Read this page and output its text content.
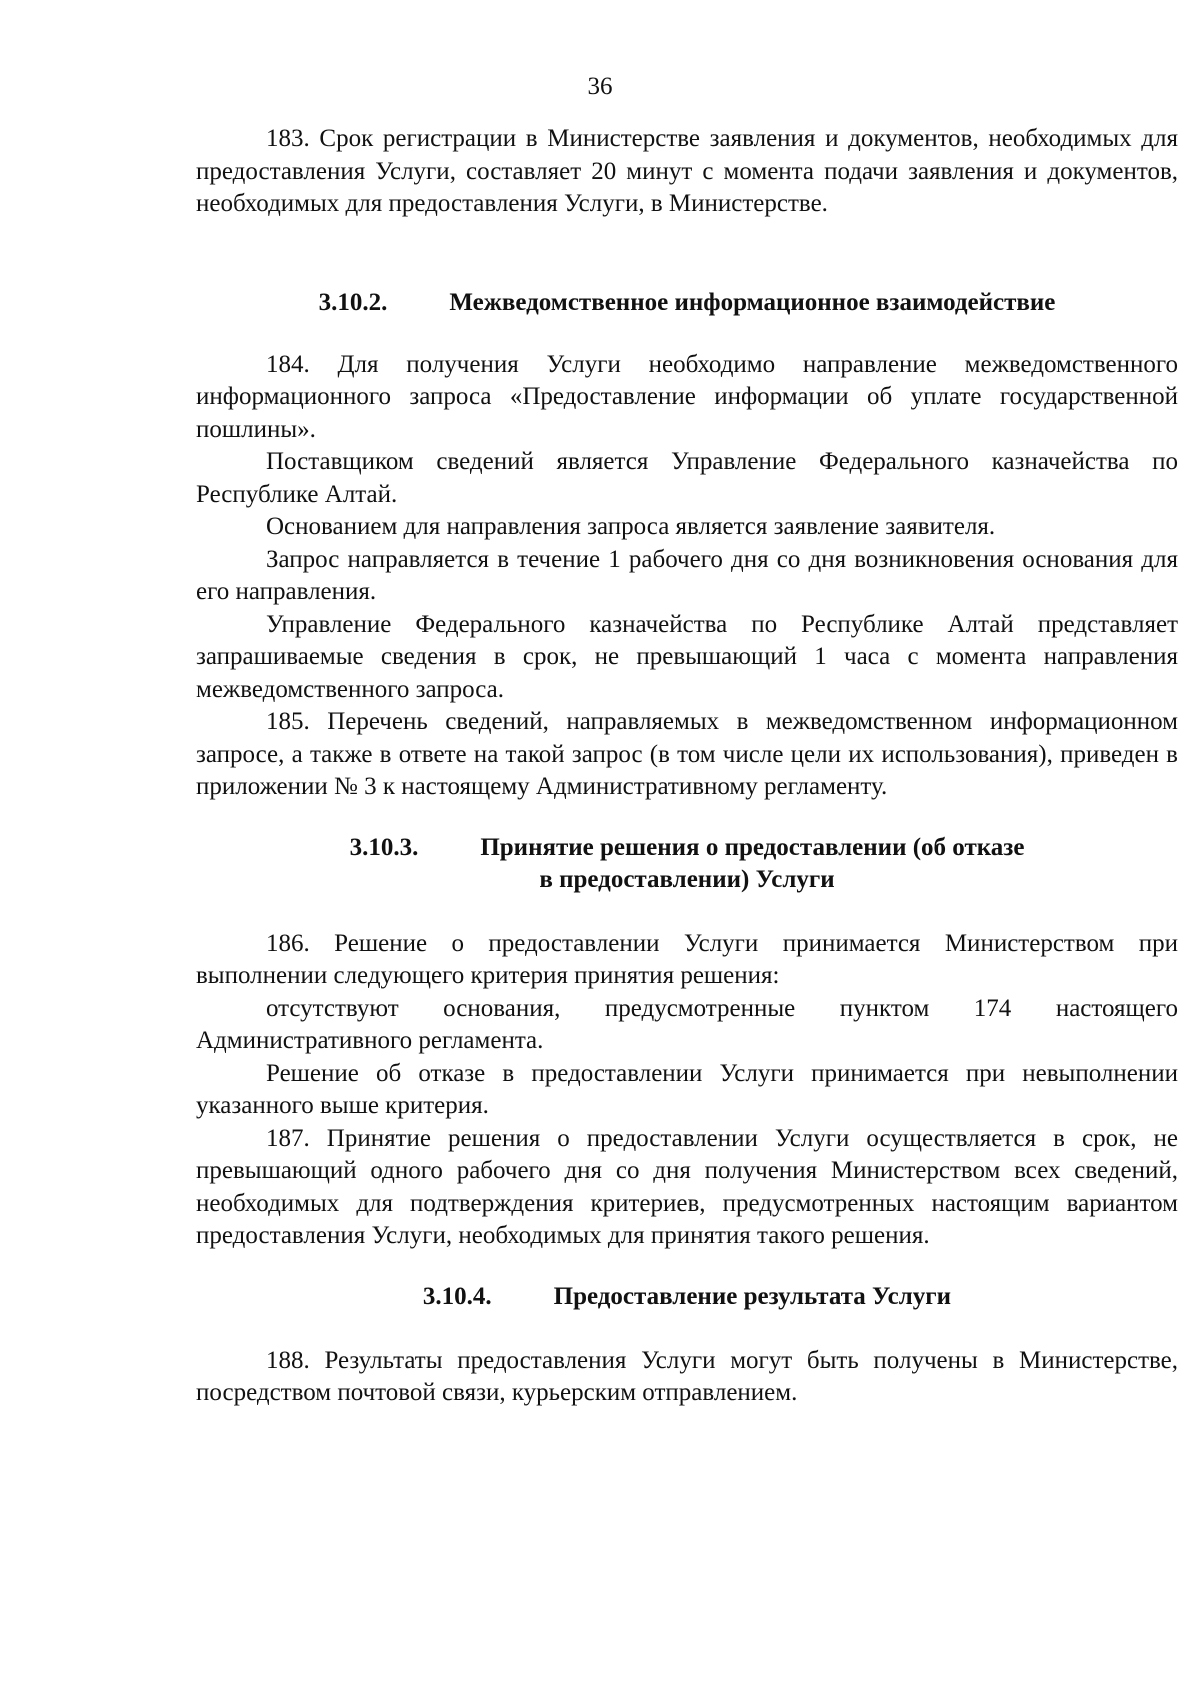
36

183. Срок регистрации в Министерстве заявления и документов, необходимых для предоставления Услуги, составляет 20 минут с момента подачи заявления и документов, необходимых для предоставления Услуги, в Министерстве.

3.10.2. Межведомственное информационное взаимодействие

184. Для получения Услуги необходимо направление межведомственного информационного запроса «Предоставление информации об уплате государственной пошлины».

Поставщиком сведений является Управление Федерального казначейства по Республике Алтай.

Основанием для направления запроса является заявление заявителя.

Запрос направляется в течение 1 рабочего дня со дня возникновения основания для его направления.

Управление Федерального казначейства по Республике Алтай представляет запрашиваемые сведения в срок, не превышающий 1 часа с момента направления межведомственного запроса.

185. Перечень сведений, направляемых в межведомственном информационном запросе, а также в ответе на такой запрос (в том числе цели их использования), приведен в приложении № 3 к настоящему Административному регламенту.

3.10.3. Принятие решения о предоставлении (об отказе
в предоставлении) Услуги

186. Решение о предоставлении Услуги принимается Министерством при выполнении следующего критерия принятия решения:

отсутствуют основания, предусмотренные пунктом 174 настоящего Административного регламента.

Решение об отказе в предоставлении Услуги принимается при невыполнении указанного выше критерия.

187. Принятие решения о предоставлении Услуги осуществляется в срок, не превышающий одного рабочего дня со дня получения Министерством всех сведений, необходимых для подтверждения критериев, предусмотренных настоящим вариантом предоставления Услуги, необходимых для принятия такого решения.

3.10.4. Предоставление результата Услуги

188. Результаты предоставления Услуги могут быть получены в Министерстве, посредством почтовой связи, курьерским отправлением.
